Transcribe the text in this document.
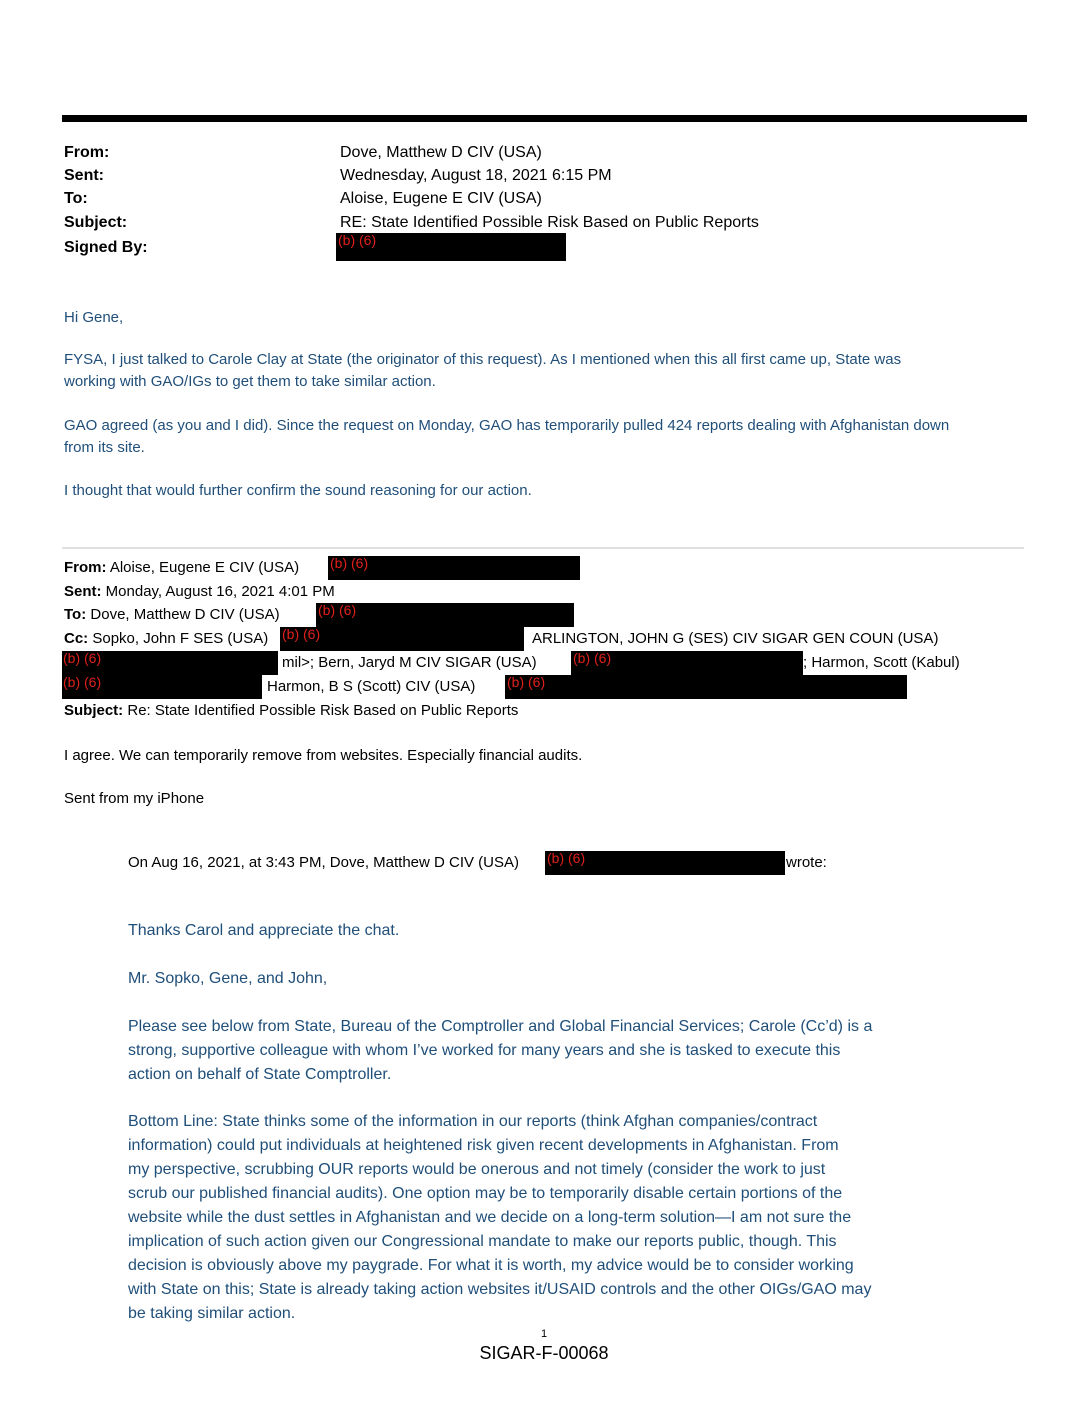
From:	Dove, Matthew D CIV (USA)
Sent:	Wednesday, August 18, 2021 6:15 PM
To:	Aloise, Eugene E CIV (USA)
Subject:	RE: State Identified Possible Risk Based on Public Reports
Signed By:	(b) (6)
Hi Gene,
FYSA, I just talked to Carole Clay at State (the originator of this request). As I mentioned when this all first came up, State was
working with GAO/IGs to get them to take similar action.
GAO agreed (as you and I did). Since the request on Monday, GAO has temporarily pulled 424 reports dealing with Afghanistan down
from its site.
I thought that would further confirm the sound reasoning for our action.
From: Aloise, Eugene E CIV (USA) (b) (6)
Sent: Monday, August 16, 2021 4:01 PM
To: Dove, Matthew D CIV (USA)	(b) (6)
Cc: Sopko, John F SES (USA) (b) (6)	ARLINGTON, JOHN G (SES) CIV SIGAR GEN COUN (USA)
(b) (6)	mil>; Bern, Jaryd M CIV SIGAR (USA)	(b) (6)	; Harmon, Scott (Kabul)
(b) (6)	Harmon, B S (Scott) CIV (USA) (b) (6)
Subject: Re: State Identified Possible Risk Based on Public Reports
I agree. We can temporarily remove from websites. Especially financial audits.
Sent from my iPhone
On Aug 16, 2021, at 3:43 PM, Dove, Matthew D CIV (USA) (b) (6)	wrote:
Thanks Carol and appreciate the chat.
Mr. Sopko, Gene, and John,
Please see below from State, Bureau of the Comptroller and Global Financial Services; Carole (Cc’d) is a
strong, supportive colleague with whom I’ve worked for many years and she is tasked to execute this
action on behalf of State Comptroller.
Bottom Line: State thinks some of the information in our reports (think Afghan companies/contract
information) could put individuals at heightened risk given recent developments in Afghanistan. From
my perspective, scrubbing OUR reports would be onerous and not timely (consider the work to just
scrub our published financial audits). One option may be to temporarily disable certain portions of the
website while the dust settles in Afghanistan and we decide on a long-term solution—I am not sure the
implication of such action given our Congressional mandate to make our reports public, though. This
decision is obviously above my paygrade. For what it is worth, my advice would be to consider working
with State on this; State is already taking action websites it/USAID controls and the other OIGs/GAO may
be taking similar action.
1
SIGAR-F-00068
